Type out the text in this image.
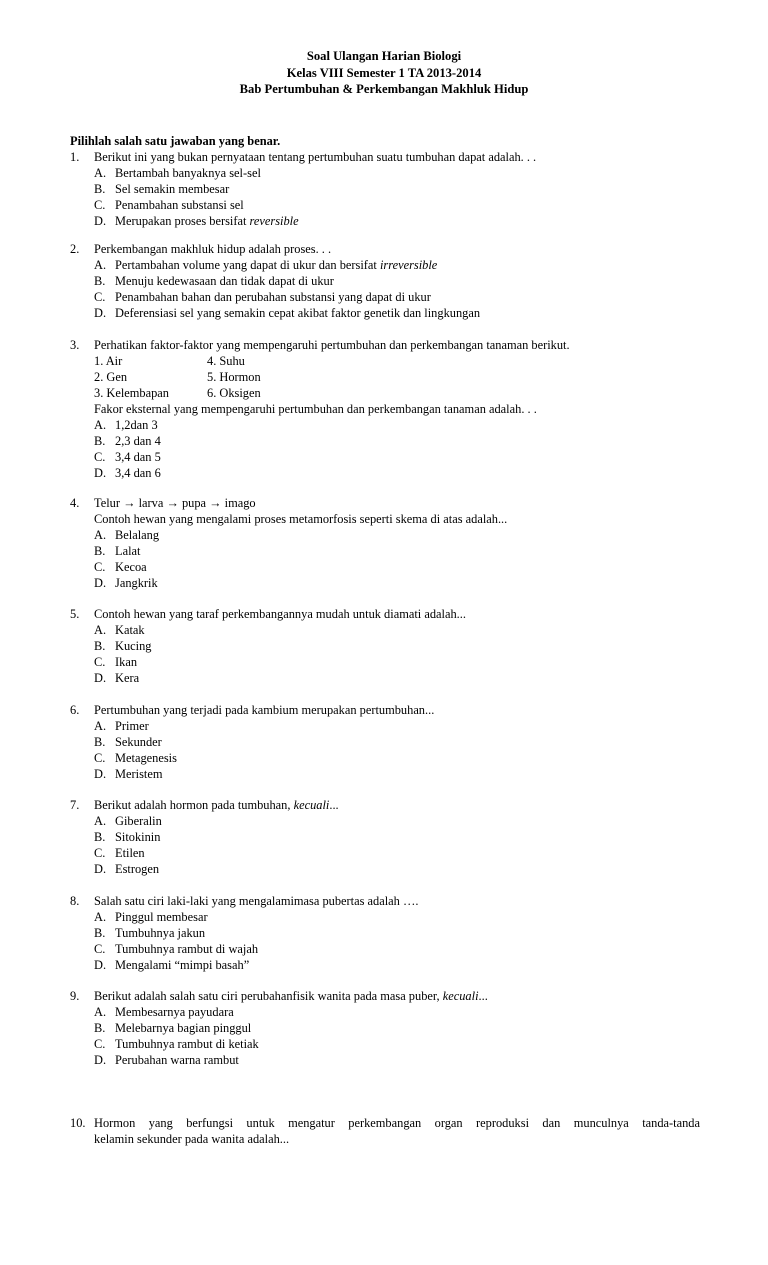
Soal Ulangan Harian Biologi
Kelas VIII Semester 1 TA 2013-2014
Bab Pertumbuhan & Perkembangan Makhluk Hidup
Pilihlah salah satu jawaban yang benar.
1. Berikut ini yang bukan pernyataan tentang pertumbuhan suatu tumbuhan dapat adalah. . .
A. Bertambah banyaknya sel-sel
B. Sel semakin membesar
C. Penambahan substansi sel
D. Merupakan proses bersifat reversible
2. Perkembangan makhluk hidup adalah proses. . .
A. Pertambahan volume yang dapat di ukur dan bersifat irreversible
B. Menuju kedewasaan dan tidak dapat di ukur
C. Penambahan bahan dan perubahan substansi yang dapat di ukur
D. Deferensiasi sel yang semakin cepat akibat faktor genetik dan lingkungan
3. Perhatikan faktor-faktor yang mempengaruhi pertumbuhan dan perkembangan tanaman berikut.
1. Air	4. Suhu
2. Gen	5. Hormon
3. Kelembapan	6. Oksigen
Fakor eksternal yang mempengaruhi pertumbuhan dan perkembangan tanaman adalah. . .
A. 1,2dan 3
B. 2,3 dan 4
C. 3,4 dan 5
D. 3,4 dan 6
4. Telur → larva → pupa → imago
Contoh hewan yang mengalami proses metamorfosis seperti skema di atas adalah...
A. Belalang
B. Lalat
C. Kecoa
D. Jangkrik
5. Contoh hewan yang taraf perkembangannya mudah untuk diamati adalah...
A. Katak
B. Kucing
C. Ikan
D. Kera
6. Pertumbuhan yang terjadi pada kambium merupakan pertumbuhan...
A. Primer
B. Sekunder
C. Metagenesis
D. Meristem
7. Berikut adalah hormon pada tumbuhan, kecuali...
A. Giberalin
B. Sitokinin
C. Etilen
D. Estrogen
8. Salah satu ciri laki-laki yang mengalamimasa pubertas adalah ….
A. Pinggul membesar
B. Tumbuhnya jakun
C. Tumbuhnya rambut di wajah
D. Mengalami “mimpi basah”
9. Berikut adalah salah satu ciri perubahanfisik wanita pada masa puber, kecuali...
A. Membesarnya payudara
B. Melebarnya bagian pinggul
C. Tumbuhnya rambut di ketiak
D. Perubahan warna rambut
10. Hormon yang berfungsi untuk mengatur perkembangan organ reproduksi dan munculnya tanda-tanda
kelamin sekunder pada wanita adalah...
